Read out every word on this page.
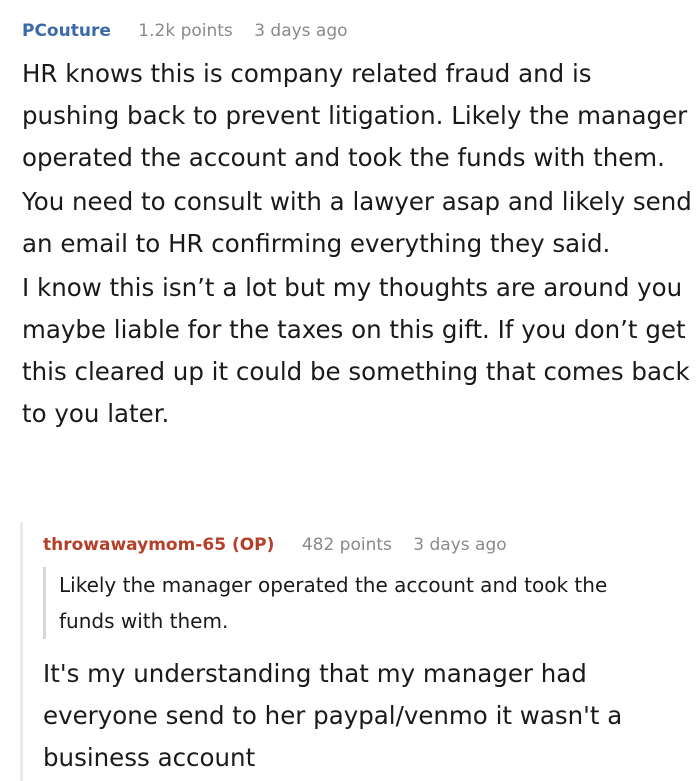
PCouture 1.2k points 3 days ago

HR knows this is company related fraud and is pushing back to prevent litigation. Likely the manager operated the account and took the funds with them.

You need to consult with a lawyer asap and likely send an email to HR confirming everything they said.

I know this isn’t a lot but my thoughts are around you maybe liable for the taxes on this gift. If you don’t get this cleared up it could be something that comes back to you later.

throwawaymom-65 (OP) 482 points 3 days ago
Likely the manager operated the account and took the funds with them.

It's my understanding that my manager had everyone send to her paypal/venmo it wasn't a business account
